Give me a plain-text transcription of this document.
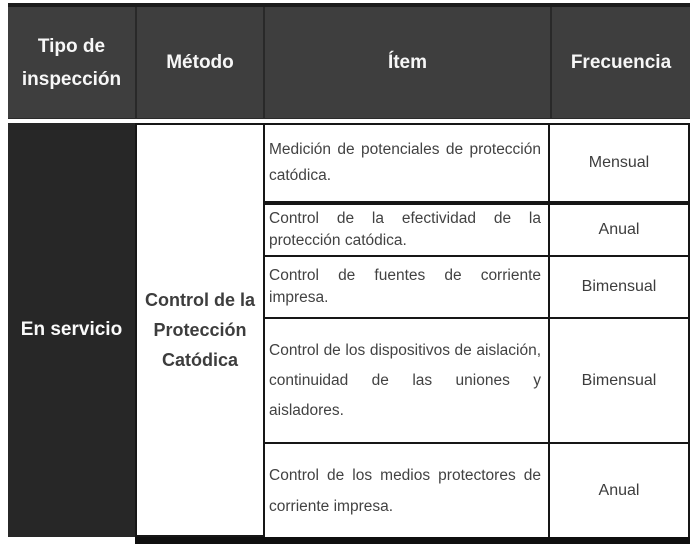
Tipo de inspección
Método	Ítem	Frecuencia
En servicio
Control de la Protección Catódica
Medición de potenciales de protección catódica.
Mensual
Control de la efectividad de la protección catódica.
Anual
Control de fuentes de corriente impresa.
Bimensual
Control de los dispositivos de aislación, continuidad de las uniones y aisladores.
Bimensual
Control de los medios protectores de corriente impresa.
Anual
